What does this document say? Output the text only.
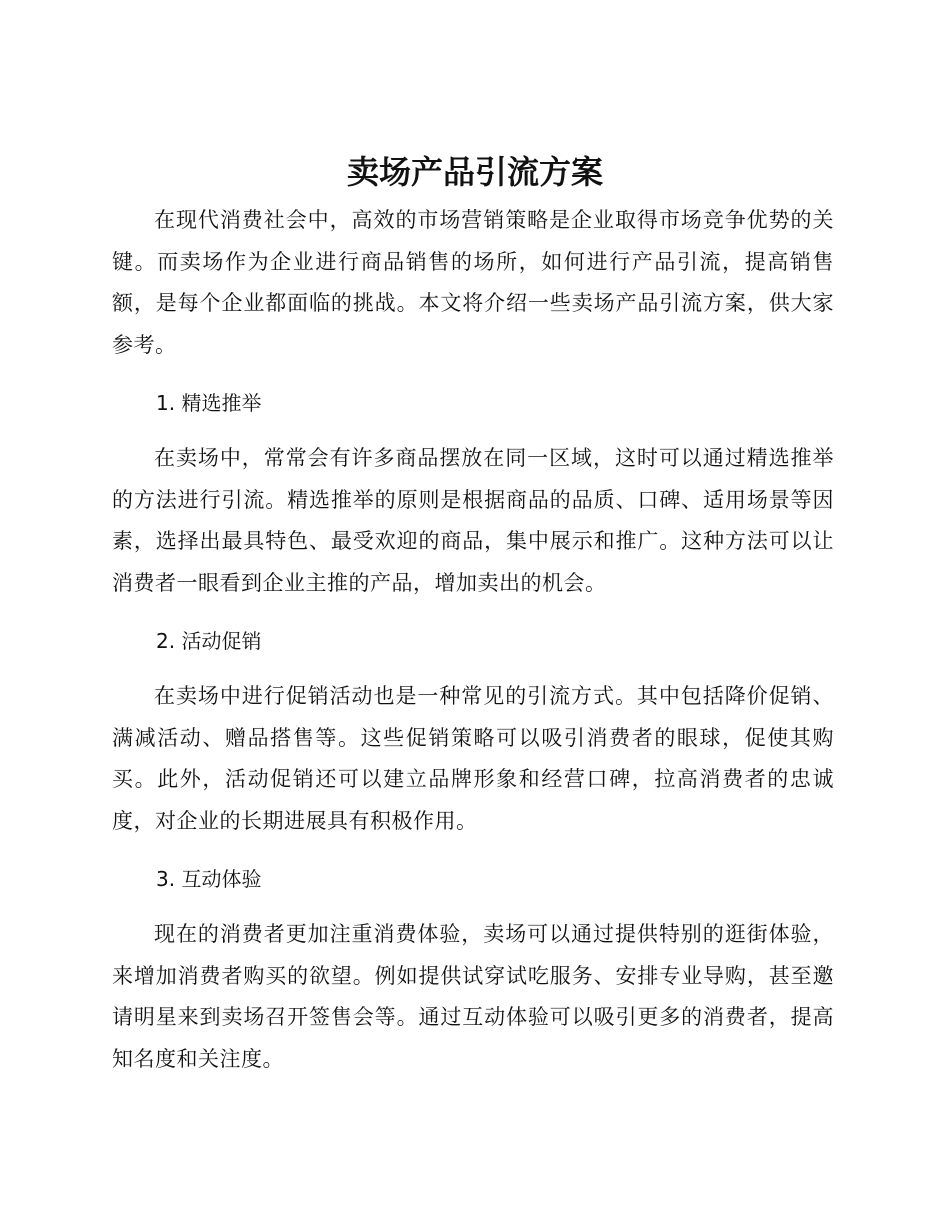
卖场产品引流方案

在现代消费社会中，高效的市场营销策略是企业取得市场竞争优势的关键。而卖场作为企业进行商品销售的场所，如何进行产品引流，提高销售额，是每个企业都面临的挑战。本文将介绍一些卖场产品引流方案，供大家参考。

1. 精选推举

在卖场中，常常会有许多商品摆放在同一区域，这时可以通过精选推举的方法进行引流。精选推举的原则是根据商品的品质、口碑、适用场景等因素，选择出最具特色、最受欢迎的商品，集中展示和推广。这种方法可以让消费者一眼看到企业主推的产品，增加卖出的机会。

2. 活动促销

在卖场中进行促销活动也是一种常见的引流方式。其中包括降价促销、满减活动、赠品搭售等。这些促销策略可以吸引消费者的眼球，促使其购买。此外，活动促销还可以建立品牌形象和经营口碑，拉高消费者的忠诚度，对企业的长期进展具有积极作用。

3. 互动体验

现在的消费者更加注重消费体验，卖场可以通过提供特别的逛街体验，来增加消费者购买的欲望。例如提供试穿试吃服务、安排专业导购，甚至邀请明星来到卖场召开签售会等。通过互动体验可以吸引更多的消费者，提高知名度和关注度。
